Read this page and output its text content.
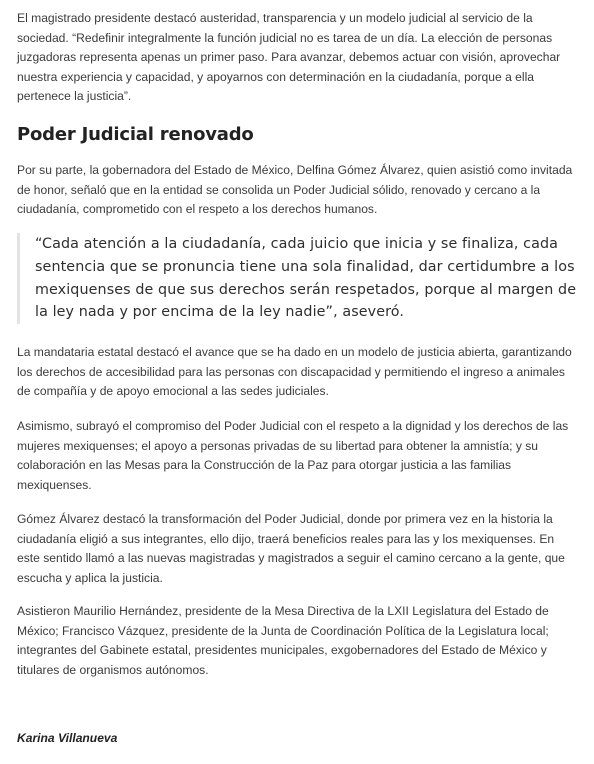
El magistrado presidente destacó austeridad, transparencia y un modelo judicial al servicio de la sociedad. “Redefinir integralmente la función judicial no es tarea de un día. La elección de personas juzgadoras representa apenas un primer paso. Para avanzar, debemos actuar con visión, aprovechar nuestra experiencia y capacidad, y apoyarnos con determinación en la ciudadanía, porque a ella pertenece la justicia”.

Poder Judicial renovado

Por su parte, la gobernadora del Estado de México, Delfina Gómez Álvarez, quien asistió como invitada de honor, señaló que en la entidad se consolida un Poder Judicial sólido, renovado y cercano a la ciudadanía, comprometido con el respeto a los derechos humanos.

“Cada atención a la ciudadanía, cada juicio que inicia y se finaliza, cada sentencia que se pronuncia tiene una sola finalidad, dar certidumbre a los mexiquenses de que sus derechos serán respetados, porque al margen de la ley nada y por encima de la ley nadie”, aseveró.

La mandataria estatal destacó el avance que se ha dado en un modelo de justicia abierta, garantizando los derechos de accesibilidad para las personas con discapacidad y permitiendo el ingreso a animales de compañía y de apoyo emocional a las sedes judiciales.

Asimismo, subrayó el compromiso del Poder Judicial con el respeto a la dignidad y los derechos de las mujeres mexiquenses; el apoyo a personas privadas de su libertad para obtener la amnistía; y su colaboración en las Mesas para la Construcción de la Paz para otorgar justicia a las familias mexiquenses.

Gómez Álvarez destacó la transformación del Poder Judicial, donde por primera vez en la historia la ciudadanía eligió a sus integrantes, ello dijo, traerá beneficios reales para las y los mexiquenses. En este sentido llamó a las nuevas magistradas y magistrados a seguir el camino cercano a la gente, que escucha y aplica la justicia.

Asistieron Maurilio Hernández, presidente de la Mesa Directiva de la LXII Legislatura del Estado de México; Francisco Vázquez, presidente de la Junta de Coordinación Política de la Legislatura local; integrantes del Gabinete estatal, presidentes municipales, exgobernadores del Estado de México y titulares de organismos autónomos.

Karina Villanueva
